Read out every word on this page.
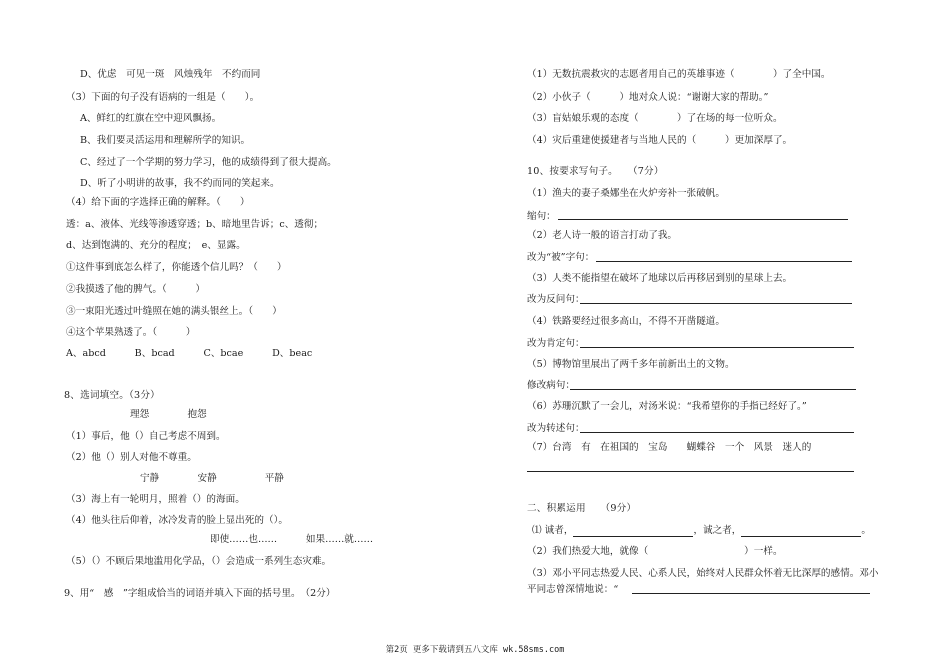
D、优虑　可见一斑　风烛残年　不约而同
（3）下面的句子没有语病的一组是（　　）。
A、鲜红的红旗在空中迎风飘扬。
B、我们要灵活运用和理解所学的知识。
C、经过了一个学期的努力学习，他的成绩得到了很大提高。
D、听了小明讲的故事，我不约而同的笑起来。
（4）给下面的字选择正确的解释。（　　）
透：a、液体、光线等渗透穿透；b、暗地里告诉；c、透彻；
d、达到饱满的、充分的程度；　e、显露。
①这件事到底怎么样了，你能透个信儿吗？（　　）
②我摸透了他的脾气。（　　　）
③一束阳光透过叶缝照在她的满头银丝上。（　　）
④这个苹果熟透了。（　　　）
A、abcd　　　B、bcad　　　C、bcae　　　D、beac
8、选词填空。（3分）
理怨　　　　抱怨
（1）事后，他（）自己考虑不周到。
（2）他（）别人对他不尊重。
宁静　　　　安静　　　　　平静
（3）海上有一轮明月，照着（）的海面。
（4）他头往后仰着，冰冷发青的脸上显出死的（）。
即使……也……　　　如果……就……
（5）（）不顾后果地滥用化学品，（）会造成一系列生态灾难。
9、用“　感　”字组成恰当的词语并填入下面的括号里。　（2分）
（1）无数抗震救灾的志愿者用自己的英雄事迹（　　　　）了全中国。
（2）小伙子（　　　）地对众人说：“谢谢大家的帮助。”
（3）盲姑娘乐观的态度（　　　　）了在场的每一位听众。
（4）灾后重建使援建者与当地人民的（　　　）更加深厚了。
10、按要求写句子。　　（7分）
（1）渔夫的妻子桑娜坐在火炉旁补一张破帆。
缩句：
（2）老人诗一般的语言打动了我。
改为“被”字句：
（3）人类不能指望在破坏了地球以后再移居到别的星球上去。
改为反问句：
（4）铁路要经过很多高山，不得不开凿隧道。
改为肯定句：
（5）博物馆里展出了两千多年前新出土的文物。
修改病句：
（6）苏珊沉默了一会儿，对汤米说：“我希望你的手指已经好了。”
改为转述句：
（7）台湾　有　在祖国的　宝岛　　蝴蝶谷　一个　风景　迷人的
二、积累运用　　（9分）
⑴ 诚者，	，诚之者，	。
（2）我们热爱大地，就像（　　　　　　　　　　）一样。
（3）邓小平同志热爱人民、心系人民，始终对人民群众怀着无比深厚的感情。邓小
平同志曾深情地说：“
第2页 更多下载请到五八文库 wk.58sms.com
